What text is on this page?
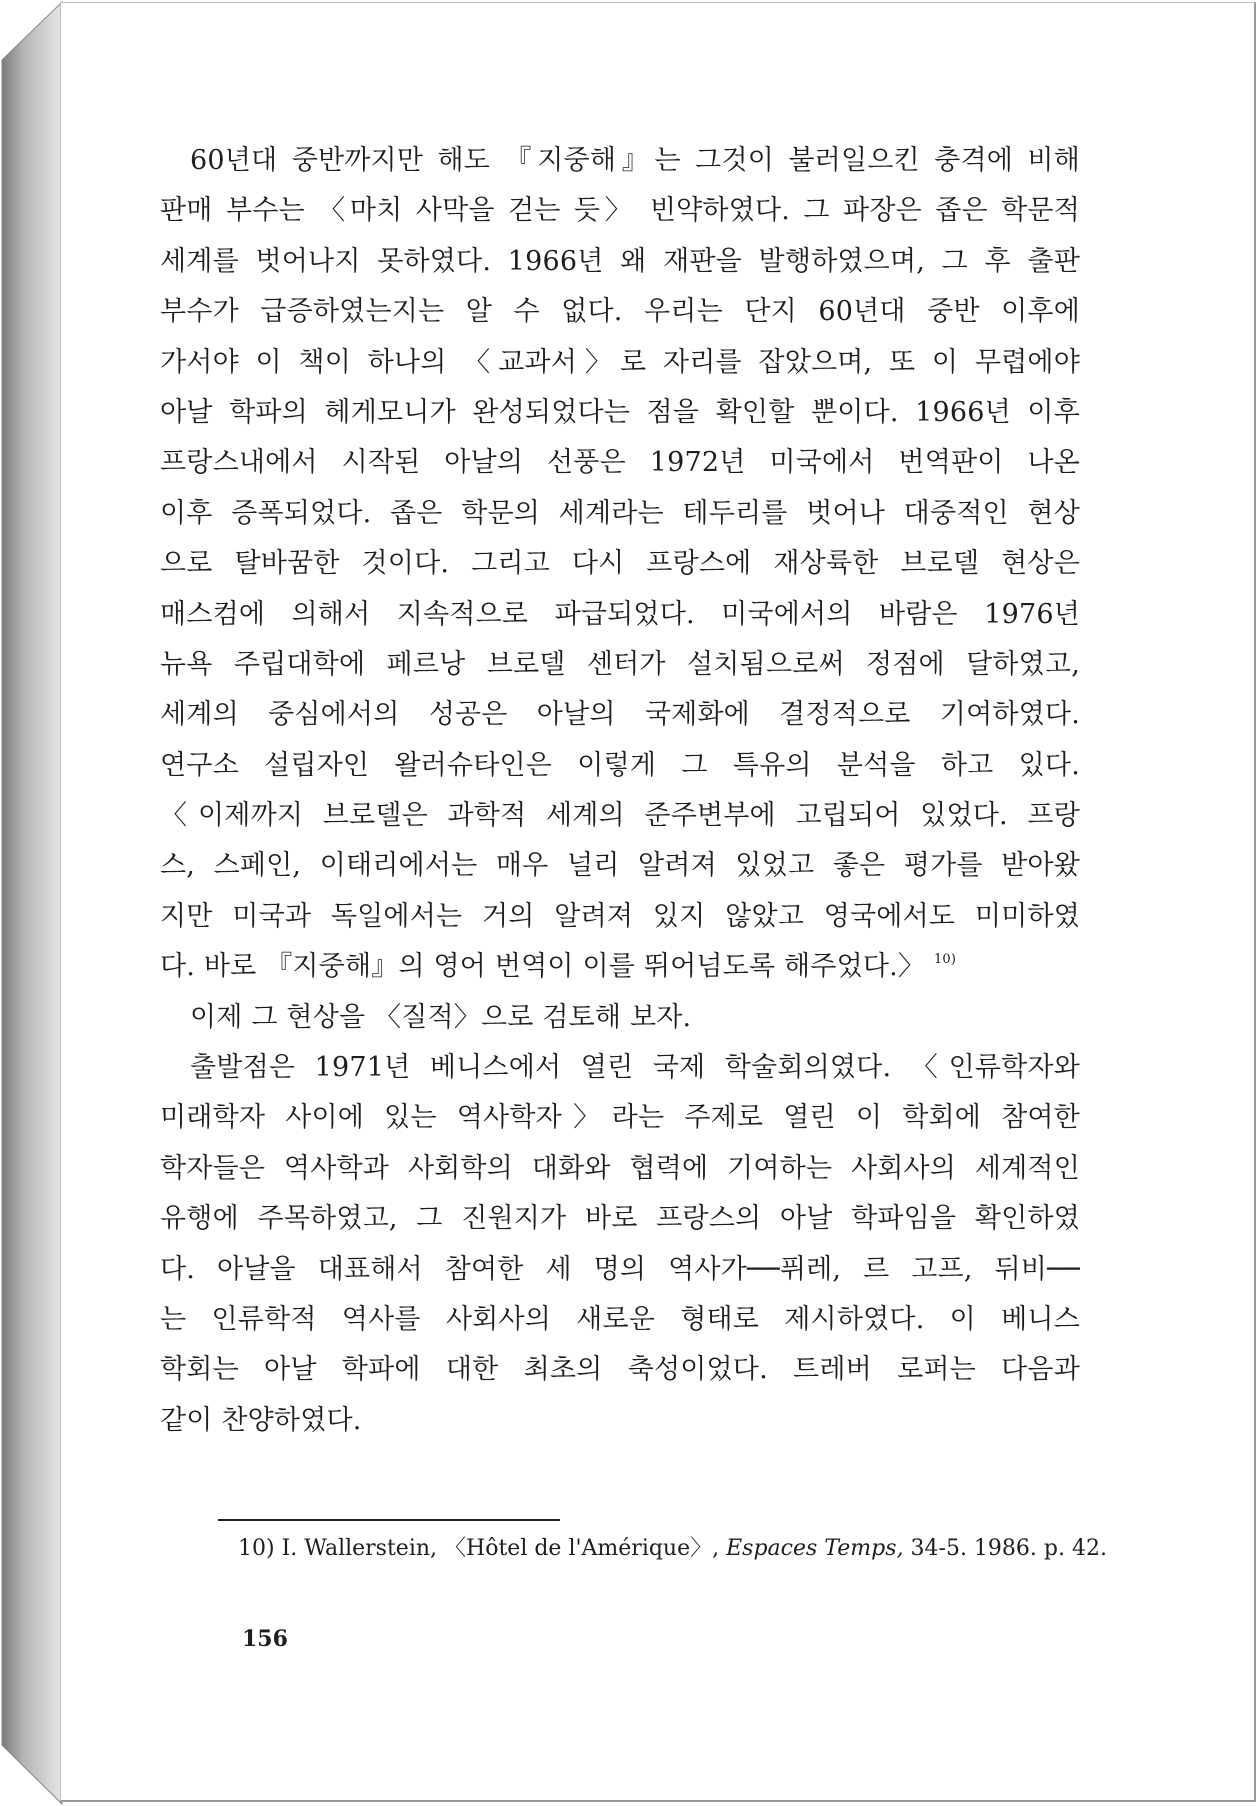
60년대 중반까지만 해도 『지중해』는 그것이 불러일으킨 충격에 비해
판매 부수는 〈마치 사막을 걷는 듯〉 빈약하였다. 그 파장은 좁은 학문적
세계를 벗어나지 못하였다. 1966년 왜 재판을 발행하였으며, 그 후 출판
부수가 급증하였는지는 알 수 없다. 우리는 단지 60년대 중반 이후에
가서야 이 책이 하나의 〈교과서〉로 자리를 잡았으며, 또 이 무렵에야
아날 학파의 헤게모니가 완성되었다는 점을 확인할 뿐이다. 1966년 이후
프랑스내에서 시작된 아날의 선풍은 1972년 미국에서 번역판이 나온
이후 증폭되었다. 좁은 학문의 세계라는 테두리를 벗어나 대중적인 현상
으로 탈바꿈한 것이다. 그리고 다시 프랑스에 재상륙한 브로델 현상은
매스컴에 의해서 지속적으로 파급되었다. 미국에서의 바람은 1976년
뉴욕 주립대학에 페르낭 브로델 센터가 설치됨으로써 정점에 달하였고,
세계의 중심에서의 성공은 아날의 국제화에 결정적으로 기여하였다.
연구소 설립자인 왈러슈타인은 이렇게 그 특유의 분석을 하고 있다.
〈이제까지 브로델은 과학적 세계의 준주변부에 고립되어 있었다. 프랑
스, 스페인, 이태리에서는 매우 널리 알려져 있었고 좋은 평가를 받아왔
지만 미국과 독일에서는 거의 알려져 있지 않았고 영국에서도 미미하였
다. 바로 『지중해』의 영어 번역이 이를 뛰어넘도록 해주었다.〉 $^{10)}$
이제 그 현상을 〈질적〉으로 검토해 보자.
출발점은 1971년 베니스에서 열린 국제 학술회의였다. 〈인류학자와
미래학자 사이에 있는 역사학자〉라는 주제로 열린 이 학회에 참여한
학자들은 역사학과 사회학의 대화와 협력에 기여하는 사회사의 세계적인
유행에 주목하였고, 그 진원지가 바로 프랑스의 아날 학파임을 확인하였
다. 아날을 대표해서 참여한 세 명의 역사가──퓌레, 르 고프, 뒤비──
는 인류학적 역사를 사회사의 새로운 형태로 제시하였다. 이 베니스
학회는 아날 학파에 대한 최초의 축성이었다. 트레버 로퍼는 다음과
같이 찬양하였다.
10) I. Wallerstein, 〈Hôtel de l'Amérique〉, Espaces Temps, 34-5. 1986. p. 42.
156
